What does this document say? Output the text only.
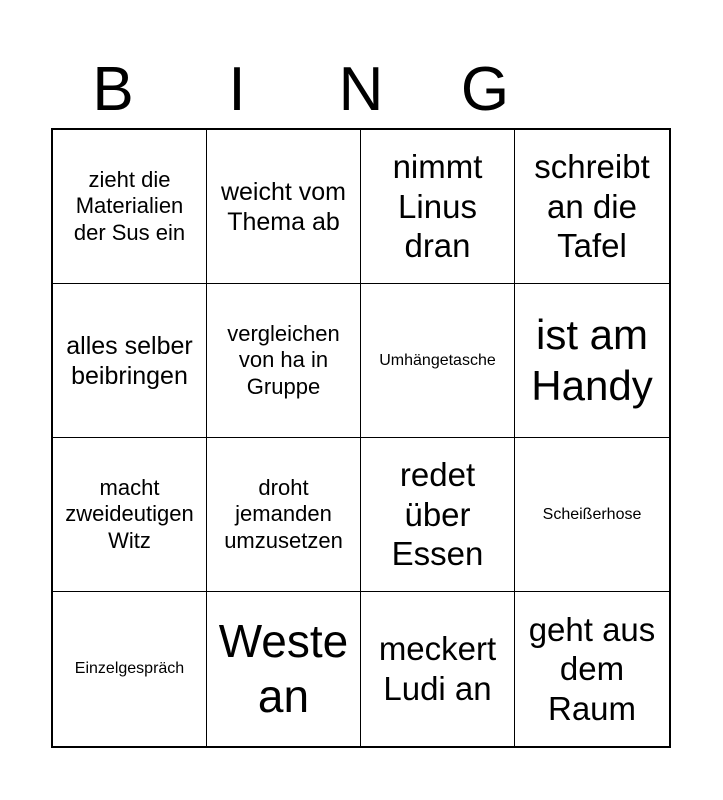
B	I	N	G
zieht die Materialien der Sus ein
weicht vom Thema ab
nimmt Linus dran
schreibt an die Tafel
alles selber beibringen
vergleichen von ha in Gruppe
Umhängetasche
ist am Handy
macht zweideutigen Witz
droht jemanden umzusetzen
redet über Essen
Scheißerhose
Einzelgespräch
Weste an
meckert Ludi an
geht aus dem Raum
